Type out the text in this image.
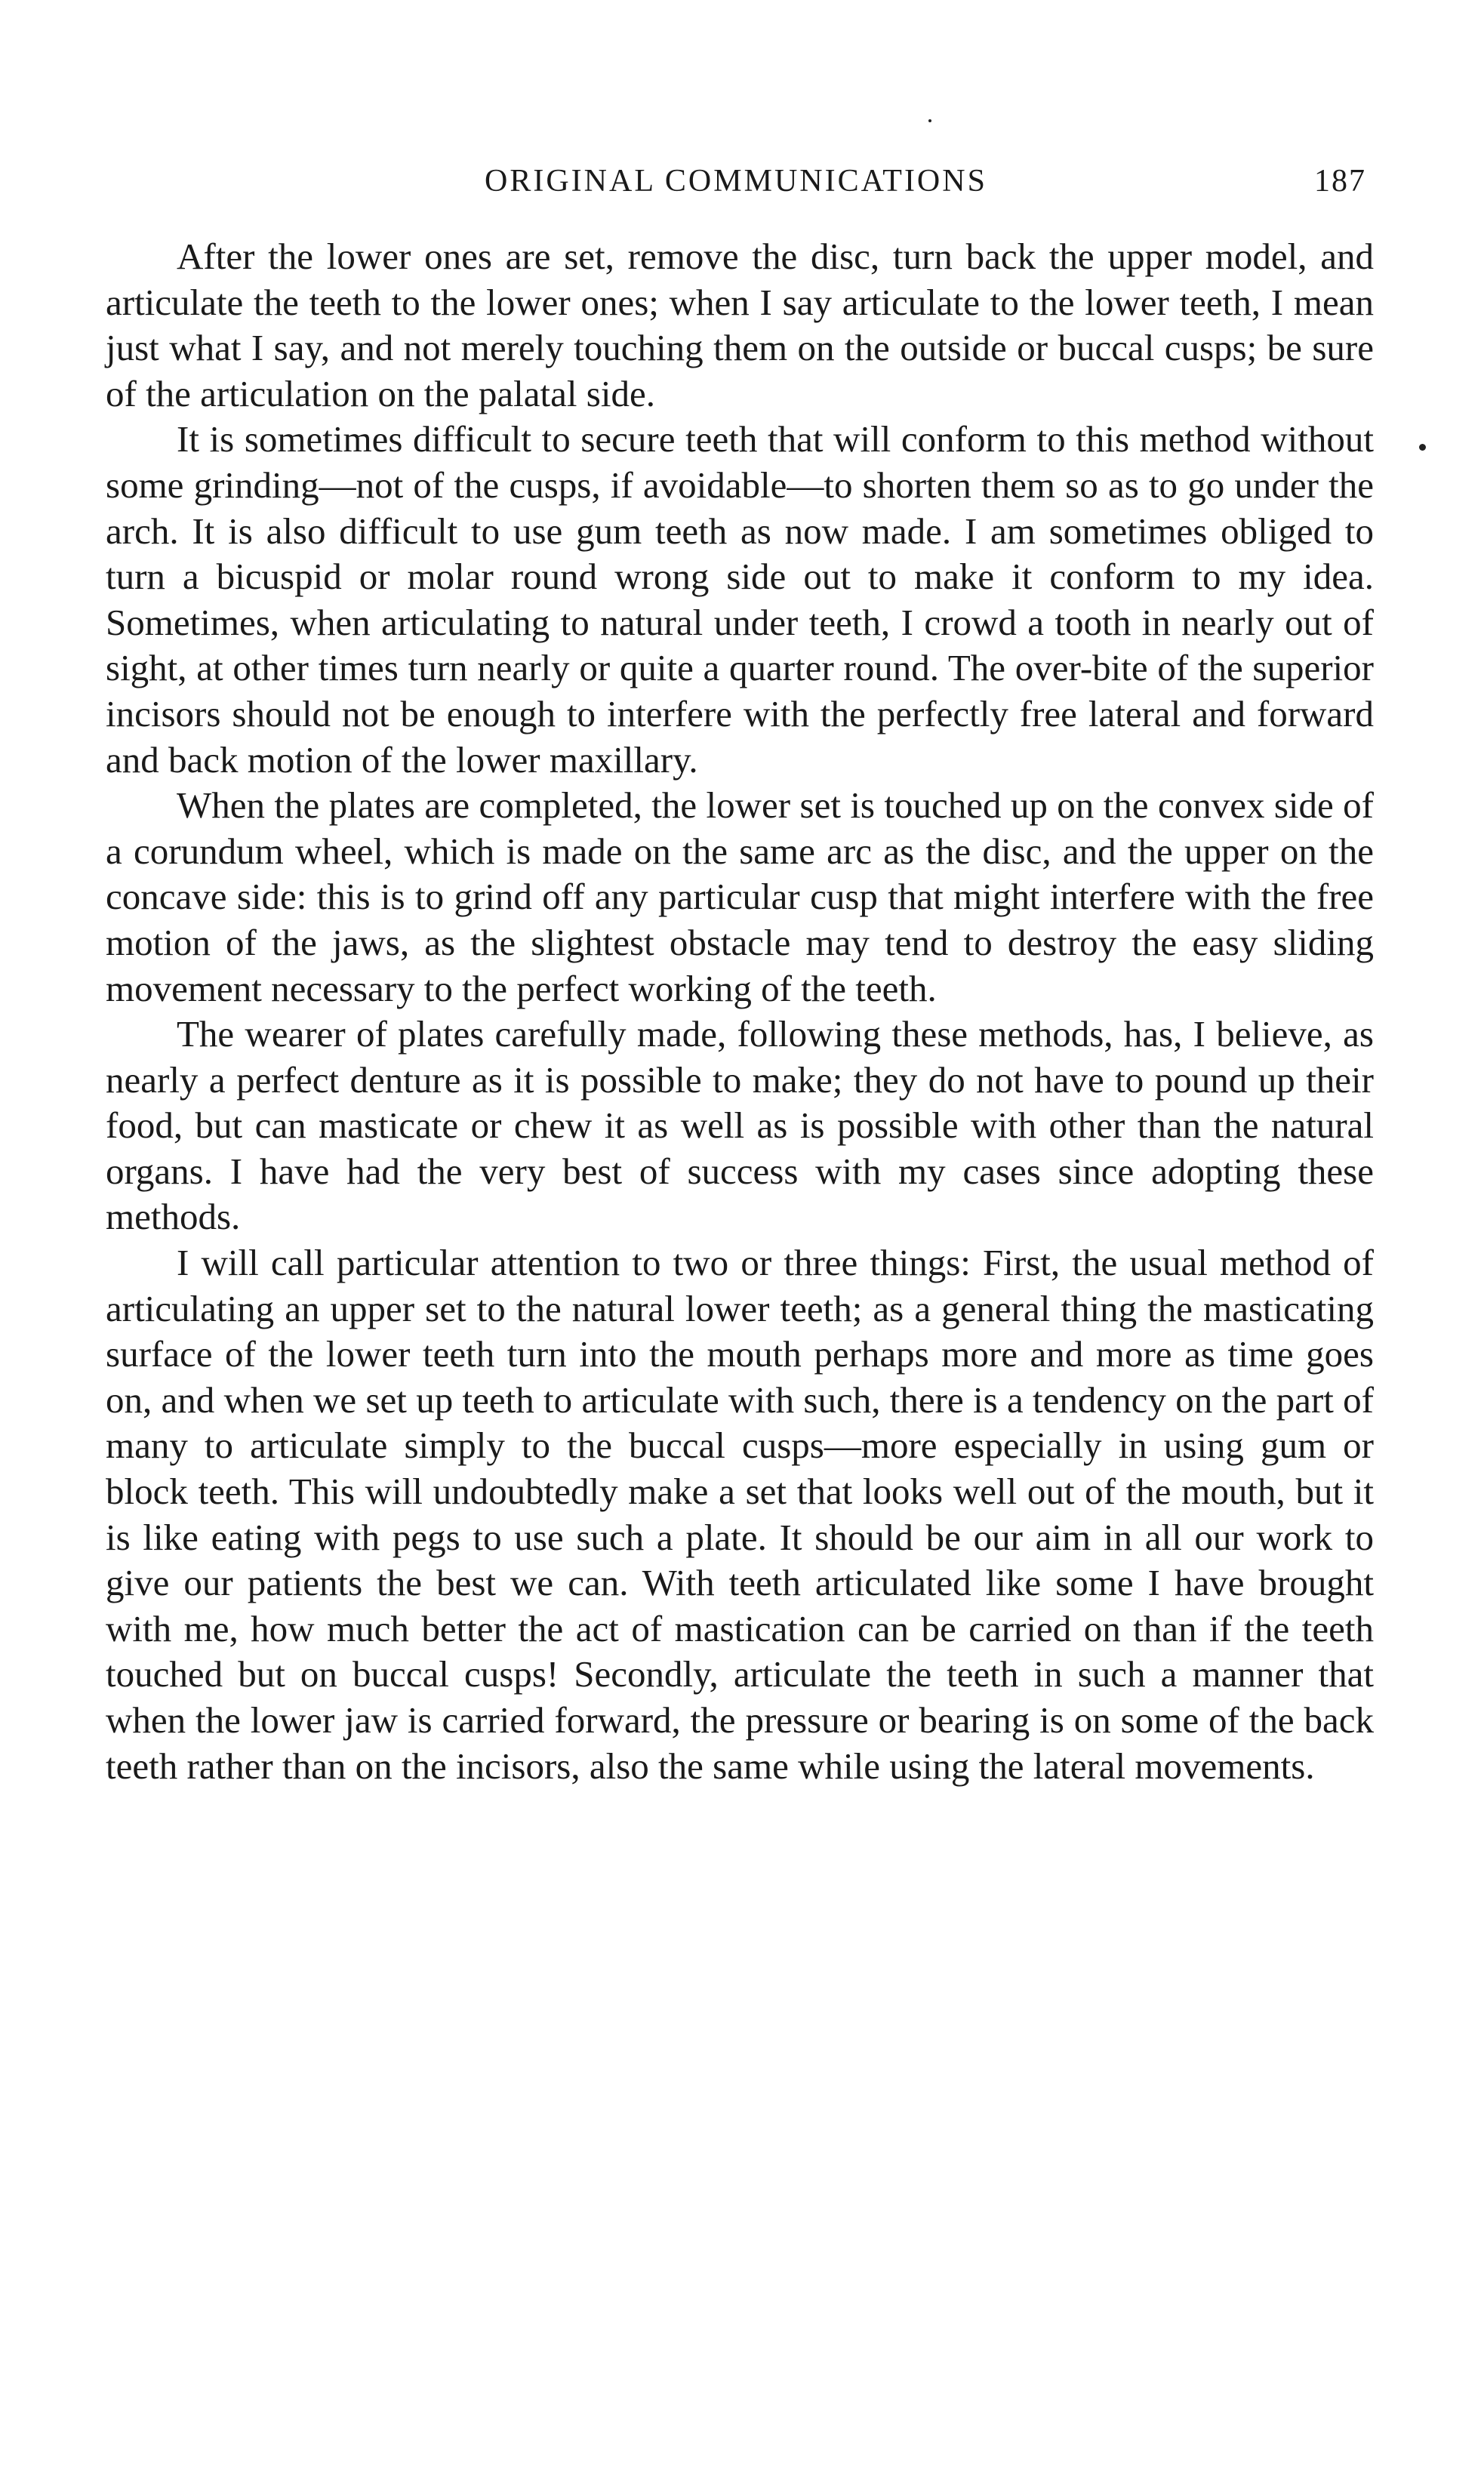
ORIGINAL COMMUNICATIONS	187

After the lower ones are set, remove the disc, turn back the upper model, and articulate the teeth to the lower ones; when I say articulate to the lower teeth, I mean just what I say, and not merely touching them on the outside or buccal cusps; be sure of the articulation on the palatal side.

It is sometimes difficult to secure teeth that will conform to this method without some grinding—not of the cusps, if avoidable—to shorten them so as to go under the arch. It is also difficult to use gum teeth as now made. I am sometimes obliged to turn a bicuspid or molar round wrong side out to make it conform to my idea. Sometimes, when articulating to natural under teeth, I crowd a tooth in nearly out of sight, at other times turn nearly or quite a quarter round. The over-bite of the superior incisors should not be enough to interfere with the perfectly free lateral and forward and back motion of the lower maxillary.

When the plates are completed, the lower set is touched up on the convex side of a corundum wheel, which is made on the same arc as the disc, and the upper on the concave side: this is to grind off any particular cusp that might interfere with the free motion of the jaws, as the slightest obstacle may tend to destroy the easy sliding movement necessary to the perfect working of the teeth.

The wearer of plates carefully made, following these methods, has, I believe, as nearly a perfect denture as it is possible to make; they do not have to pound up their food, but can masticate or chew it as well as is possible with other than the natural organs. I have had the very best of success with my cases since adopting these methods.

I will call particular attention to two or three things: First, the usual method of articulating an upper set to the natural lower teeth; as a general thing the masticating surface of the lower teeth turn into the mouth perhaps more and more as time goes on, and when we set up teeth to articulate with such, there is a tendency on the part of many to articulate simply to the buccal cusps—more especially in using gum or block teeth. This will undoubtedly make a set that looks well out of the mouth, but it is like eating with pegs to use such a plate. It should be our aim in all our work to give our patients the best we can. With teeth articulated like some I have brought with me, how much better the act of mastication can be carried on than if the teeth touched but on buccal cusps! Secondly, articulate the teeth in such a manner that when the lower jaw is carried forward, the pressure or bearing is on some of the back teeth rather than on the incisors, also the same while using the lateral movements.
